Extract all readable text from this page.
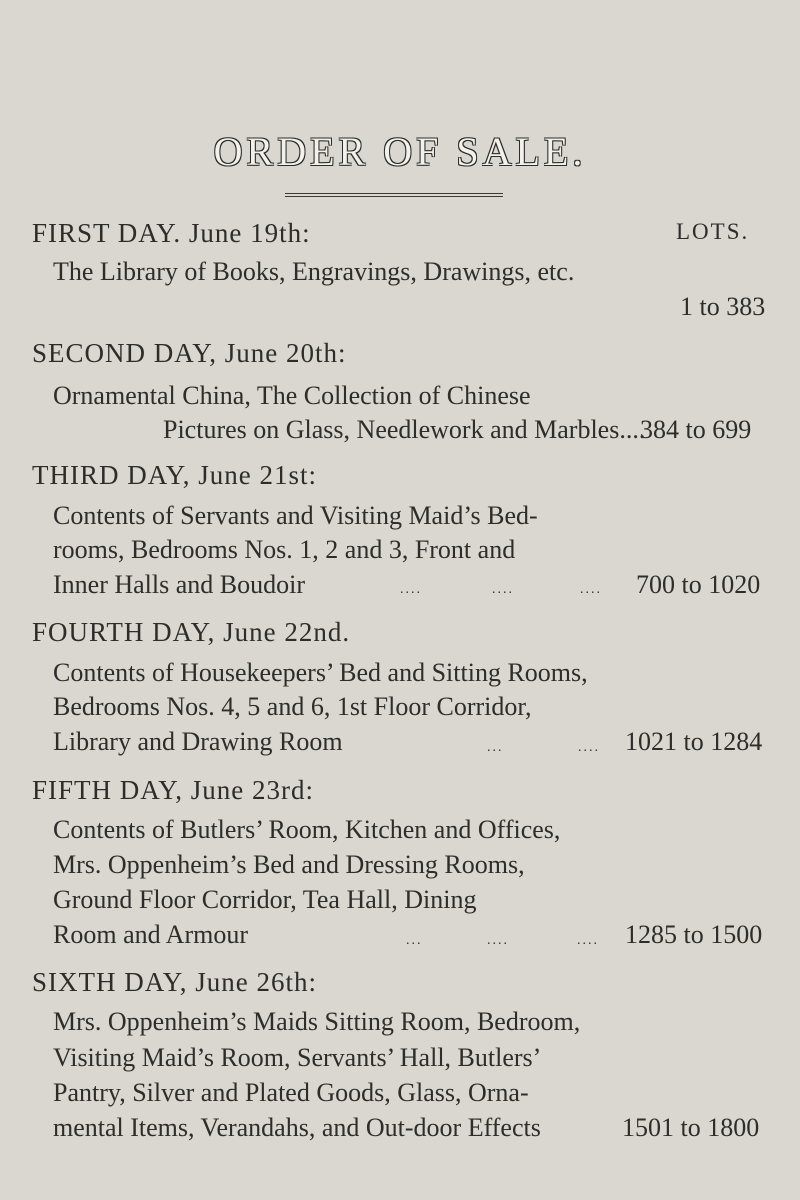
ORDER OF SALE.
FIRST DAY. June 19th:	LOTS.
The Library of Books, Engravings, Drawings, etc.
1 to 383
SECOND DAY, June 20th:
Ornamental China, The Collection of Chinese
Pictures on Glass, Needlework and Marbles....
384 to 699
THIRD DAY, June 21st:
Contents of Servants and Visiting Maid’s Bed-
rooms, Bedrooms Nos. 1, 2 and 3, Front and
Inner Halls and Boudoir	....	....	.... 700 to 1020
FOURTH DAY, June 22nd.
Contents of Housekeepers’ Bed and Sitting Rooms,
Bedrooms Nos. 4, 5 and 6, 1st Floor Corridor,
Library and Drawing Room	...	.... 1021 to 1284
FIFTH DAY, June 23rd:
Contents of Butlers’ Room, Kitchen and Offices,
Mrs. Oppenheim’s Bed and Dressing Rooms,
Ground Floor Corridor, Tea Hall, Dining
Room and Armour	...	....	.... 1285 to 1500
SIXTH DAY, June 26th:
Mrs. Oppenheim’s Maids Sitting Room, Bedroom,
Visiting Maid’s Room, Servants’ Hall, Butlers’
Pantry, Silver and Plated Goods, Glass, Orna-
mental Items, Verandahs, and Out-door Effects	1501 to 1800
